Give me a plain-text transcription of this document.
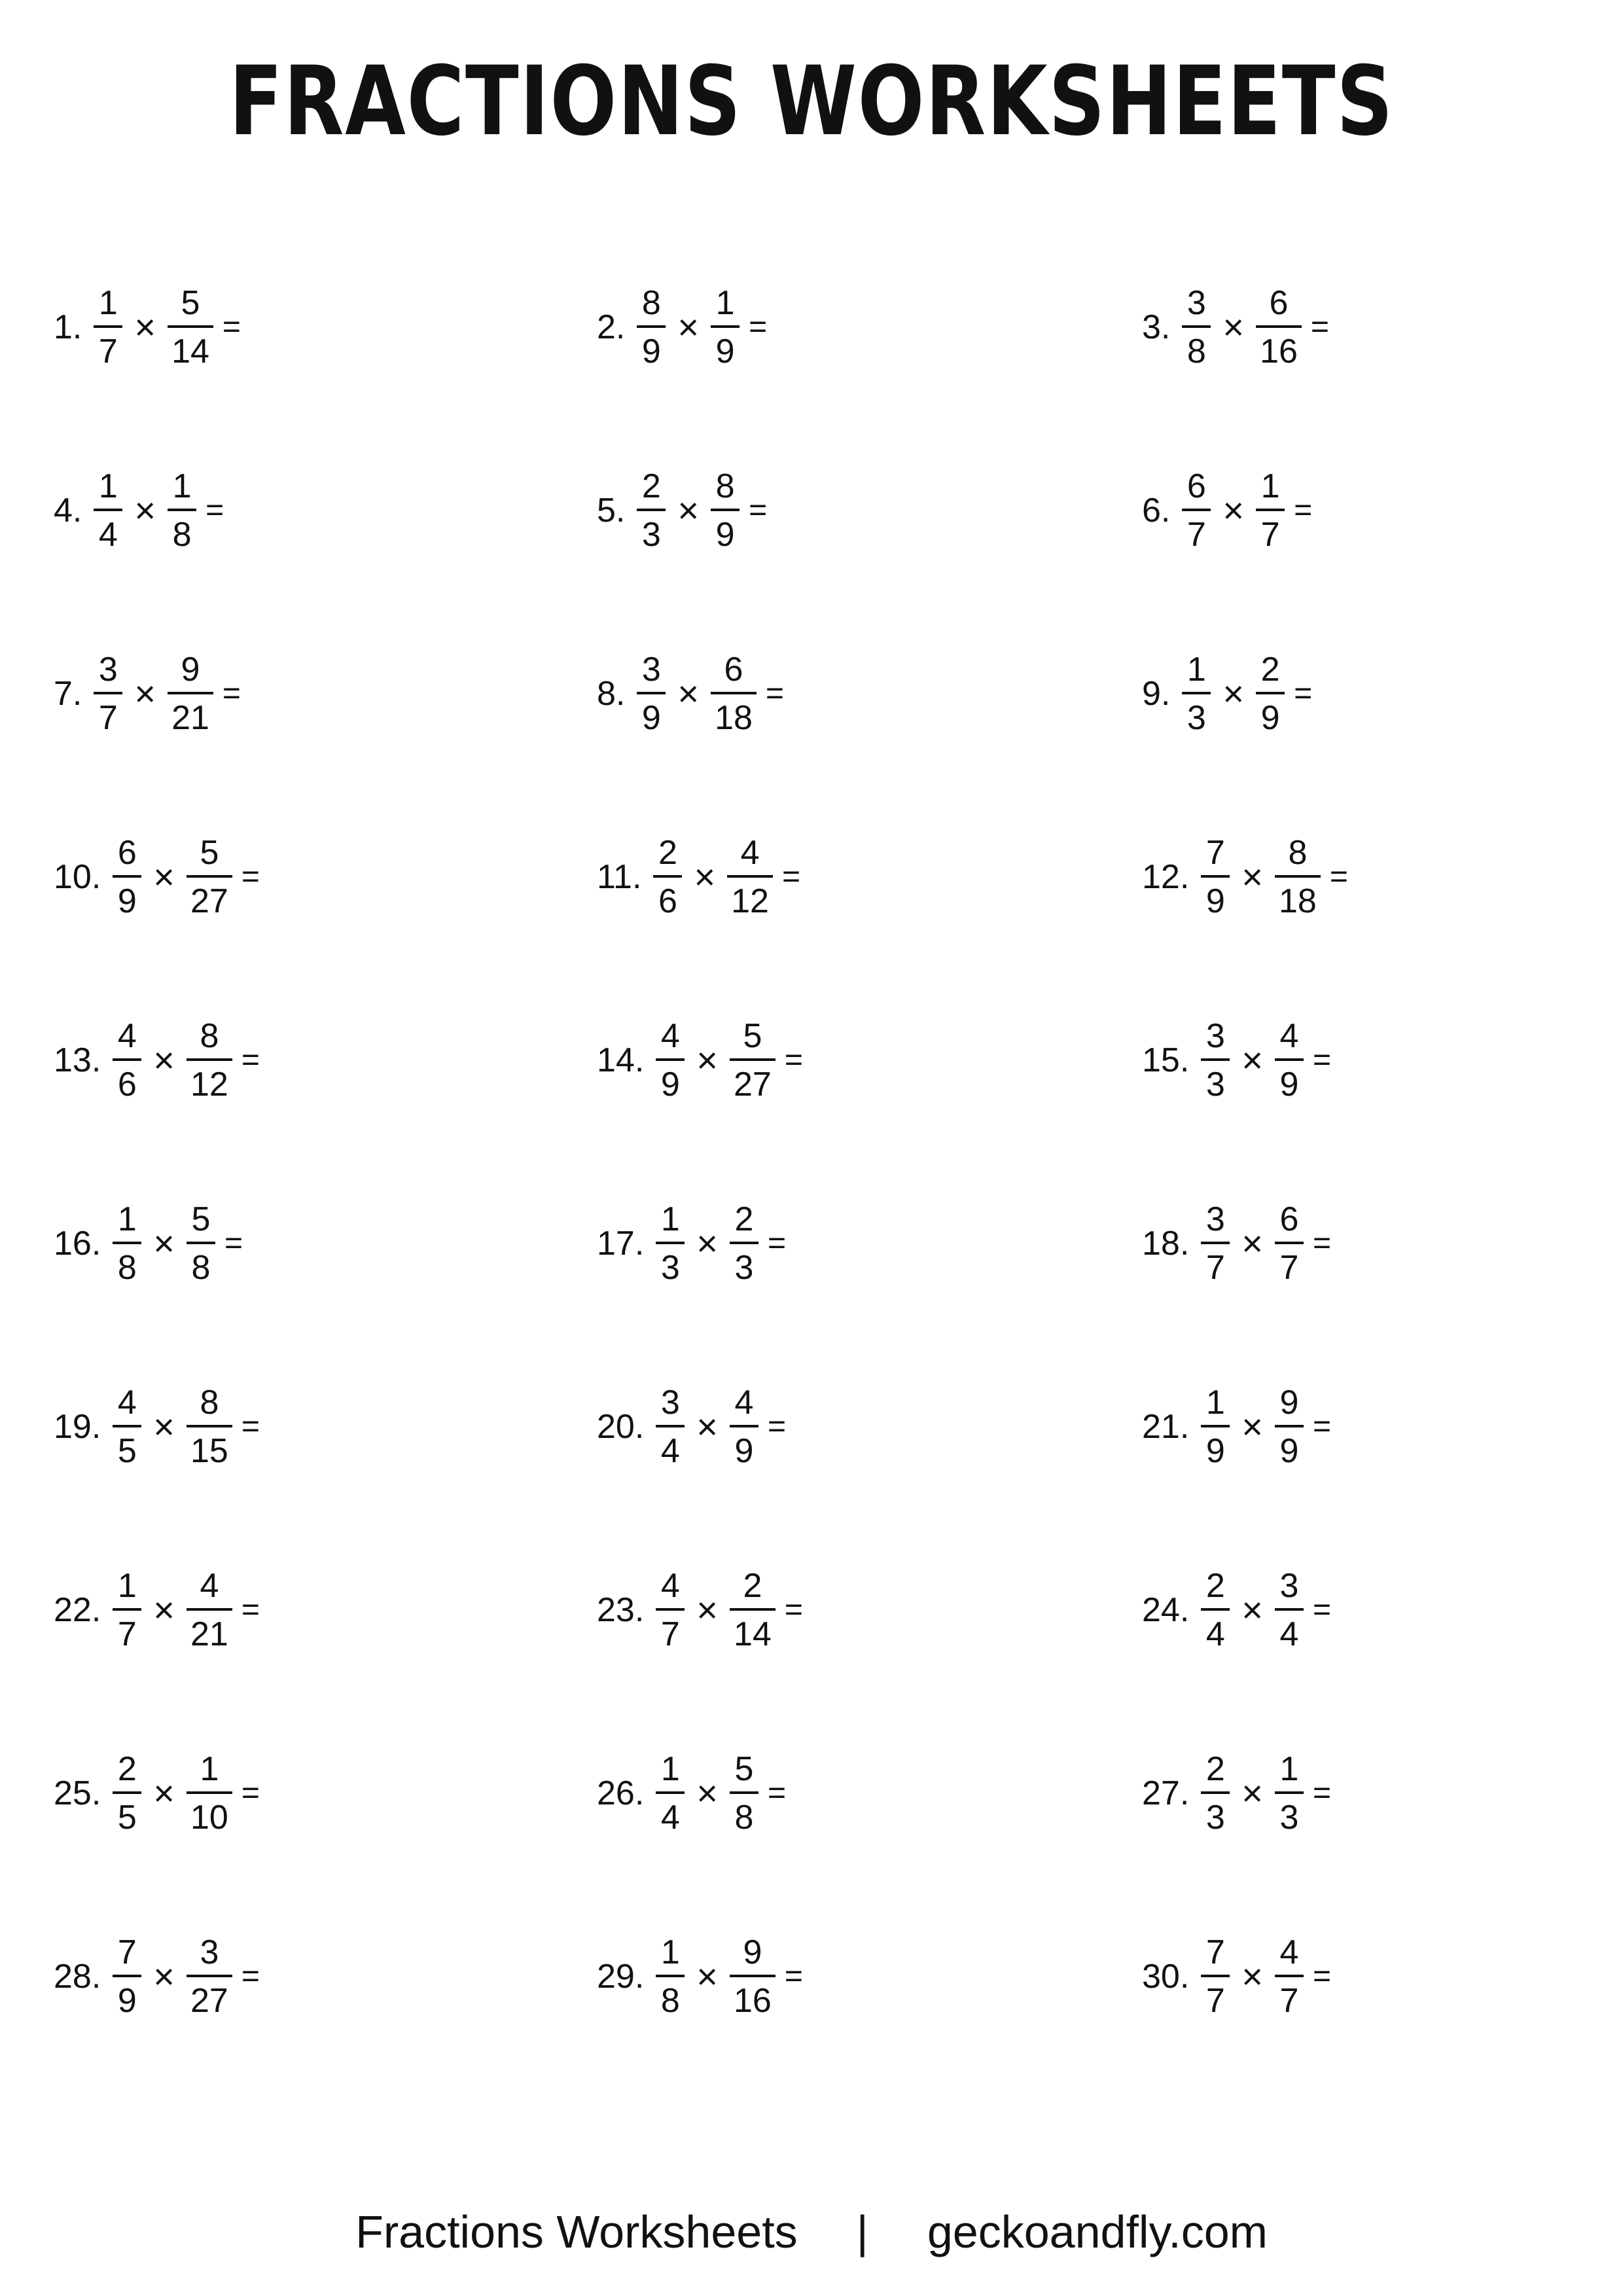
FRACTIONS WORKSHEETS
1. $\frac{1}{7} \times \frac{5}{14}$ =	2. $\frac{8}{9} \times \frac{1}{9}$ =	3. $\frac{3}{8} \times \frac{6}{16}$ =
4. $\frac{1}{4} \times \frac{1}{8}$ =	5. $\frac{2}{3} \times \frac{8}{9}$ =	6. $\frac{6}{7} \times \frac{1}{7}$ =
7. $\frac{3}{7} \times \frac{9}{21}$ =	8. $\frac{3}{9} \times \frac{6}{18}$ =	9. $\frac{1}{3} \times \frac{2}{9}$ =
10. $\frac{6}{9} \times \frac{5}{27}$ =	11. $\frac{2}{6} \times \frac{4}{12}$ =	12. $\frac{7}{9} \times \frac{8}{18}$ =
13. $\frac{4}{6} \times \frac{8}{12}$ =	14. $\frac{4}{9} \times \frac{5}{27}$ =	15. $\frac{3}{3} \times \frac{4}{9}$ =
16. $\frac{1}{8} \times \frac{5}{8}$ =	17. $\frac{1}{3} \times \frac{2}{3}$ =	18. $\frac{3}{7} \times \frac{6}{7}$ =
19. $\frac{4}{5} \times \frac{8}{15}$ =	20. $\frac{3}{4} \times \frac{4}{9}$ =	21. $\frac{1}{9} \times \frac{9}{9}$ =
22. $\frac{1}{7} \times \frac{4}{21}$ =	23. $\frac{4}{7} \times \frac{2}{14}$ =	24. $\frac{2}{4} \times \frac{3}{4}$ =
25. $\frac{2}{5} \times \frac{1}{10}$ =	26. $\frac{1}{4} \times \frac{5}{8}$ =	27. $\frac{2}{3} \times \frac{1}{3}$ =
28. $\frac{7}{9} \times \frac{3}{27}$ =	29. $\frac{1}{8} \times \frac{9}{16}$ =	30. $\frac{7}{7} \times \frac{4}{7}$ =
Fractions Worksheets | geckoandfly.com
